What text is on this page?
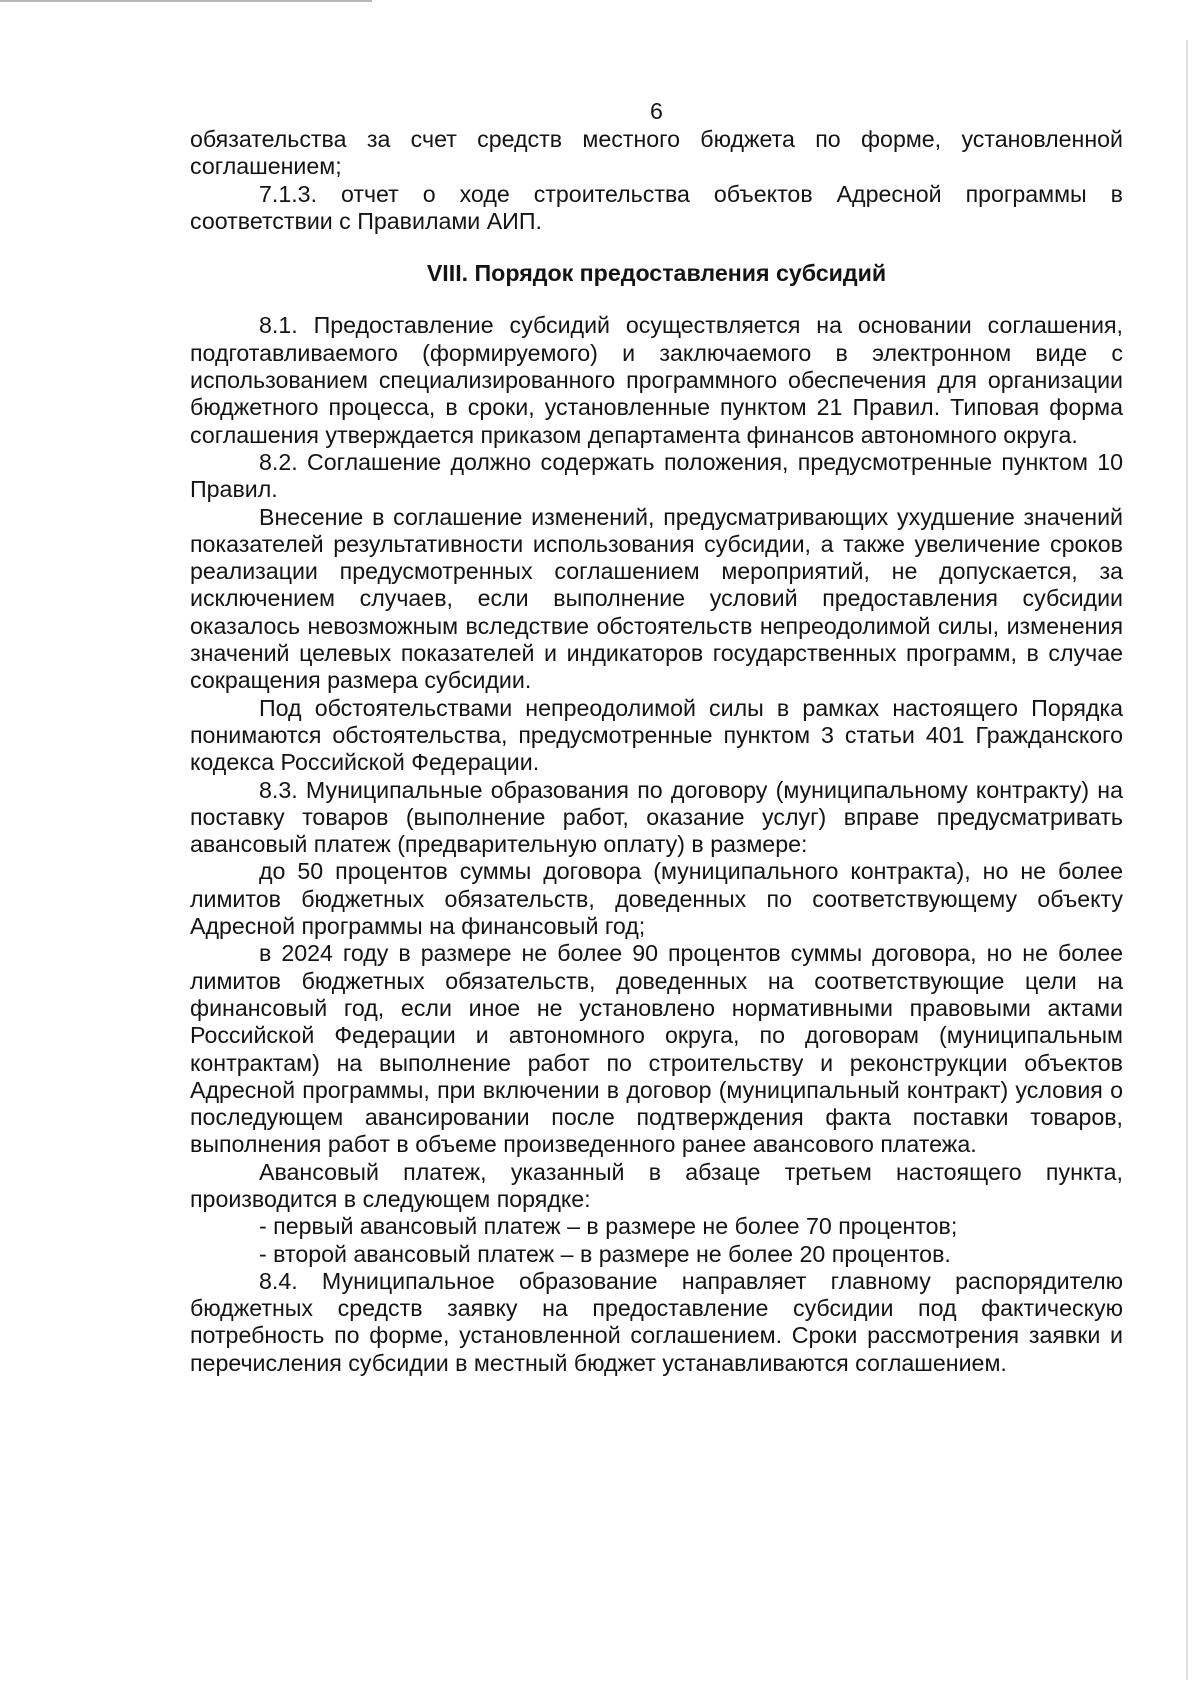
6

обязательства за счет средств местного бюджета по форме, установленной соглашением;

7.1.3. отчет о ходе строительства объектов Адресной программы в соответствии с Правилами АИП.

VIII. Порядок предоставления субсидий

8.1. Предоставление субсидий осуществляется на основании соглашения, подготавливаемого (формируемого) и заключаемого в электронном виде с использованием специализированного программного обеспечения для организации бюджетного процесса, в сроки, установленные пунктом 21 Правил. Типовая форма соглашения утверждается приказом департамента финансов автономного округа.

8.2. Соглашение должно содержать положения, предусмотренные пунктом 10 Правил.

Внесение в соглашение изменений, предусматривающих ухудшение значений показателей результативности использования субсидии, а также увеличение сроков реализации предусмотренных соглашением мероприятий, не допускается, за исключением случаев, если выполнение условий предоставления субсидии оказалось невозможным вследствие обстоятельств непреодолимой силы, изменения значений целевых показателей и индикаторов государственных программ, в случае сокращения размера субсидии.

Под обстоятельствами непреодолимой силы в рамках настоящего Порядка понимаются обстоятельства, предусмотренные пунктом 3 статьи 401 Гражданского кодекса Российской Федерации.

8.3. Муниципальные образования по договору (муниципальному контракту) на поставку товаров (выполнение работ, оказание услуг) вправе предусматривать авансовый платеж (предварительную оплату) в размере:

до 50 процентов суммы договора (муниципального контракта), но не более лимитов бюджетных обязательств, доведенных по соответствующему объекту Адресной программы на финансовый год;

в 2024 году в размере не более 90 процентов суммы договора, но не более лимитов бюджетных обязательств, доведенных на соответствующие цели на финансовый год, если иное не установлено нормативными правовыми актами Российской Федерации и автономного округа, по договорам (муниципальным контрактам) на выполнение работ по строительству и реконструкции объектов Адресной программы, при включении в договор (муниципальный контракт) условия о последующем авансировании после подтверждения факта поставки товаров, выполнения работ в объеме произведенного ранее авансового платежа.

Авансовый платеж, указанный в абзаце третьем настоящего пункта, производится в следующем порядке:

- первый авансовый платеж – в размере не более 70 процентов;

- второй авансовый платеж – в размере не более 20 процентов.

8.4. Муниципальное образование направляет главному распорядителю бюджетных средств заявку на предоставление субсидии под фактическую потребность по форме, установленной соглашением. Сроки рассмотрения заявки и перечисления субсидии в местный бюджет устанавливаются соглашением.
